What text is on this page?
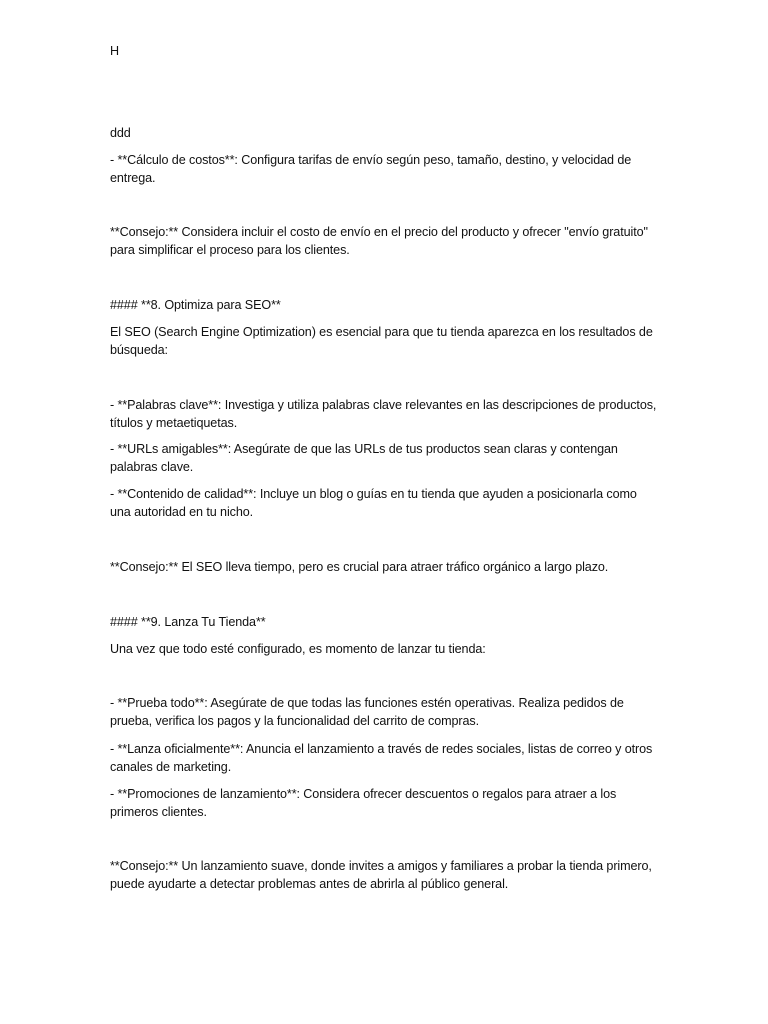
H
ddd
- **Cálculo de costos**: Configura tarifas de envío según peso, tamaño, destino, y velocidad de entrega.
**Consejo:** Considera incluir el costo de envío en el precio del producto y ofrecer "envío gratuito" para simplificar el proceso para los clientes.
#### **8. Optimiza para SEO**
El SEO (Search Engine Optimization) es esencial para que tu tienda aparezca en los resultados de búsqueda:
- **Palabras clave**: Investiga y utiliza palabras clave relevantes en las descripciones de productos, títulos y metaetiquetas.
- **URLs amigables**: Asegúrate de que las URLs de tus productos sean claras y contengan palabras clave.
- **Contenido de calidad**: Incluye un blog o guías en tu tienda que ayuden a posicionarla como una autoridad en tu nicho.
**Consejo:** El SEO lleva tiempo, pero es crucial para atraer tráfico orgánico a largo plazo.
#### **9. Lanza Tu Tienda**
Una vez que todo esté configurado, es momento de lanzar tu tienda:
- **Prueba todo**: Asegúrate de que todas las funciones estén operativas. Realiza pedidos de prueba, verifica los pagos y la funcionalidad del carrito de compras.
- **Lanza oficialmente**: Anuncia el lanzamiento a través de redes sociales, listas de correo y otros canales de marketing.
- **Promociones de lanzamiento**: Considera ofrecer descuentos o regalos para atraer a los primeros clientes.
**Consejo:** Un lanzamiento suave, donde invites a amigos y familiares a probar la tienda primero, puede ayudarte a detectar problemas antes de abrirla al público general.
